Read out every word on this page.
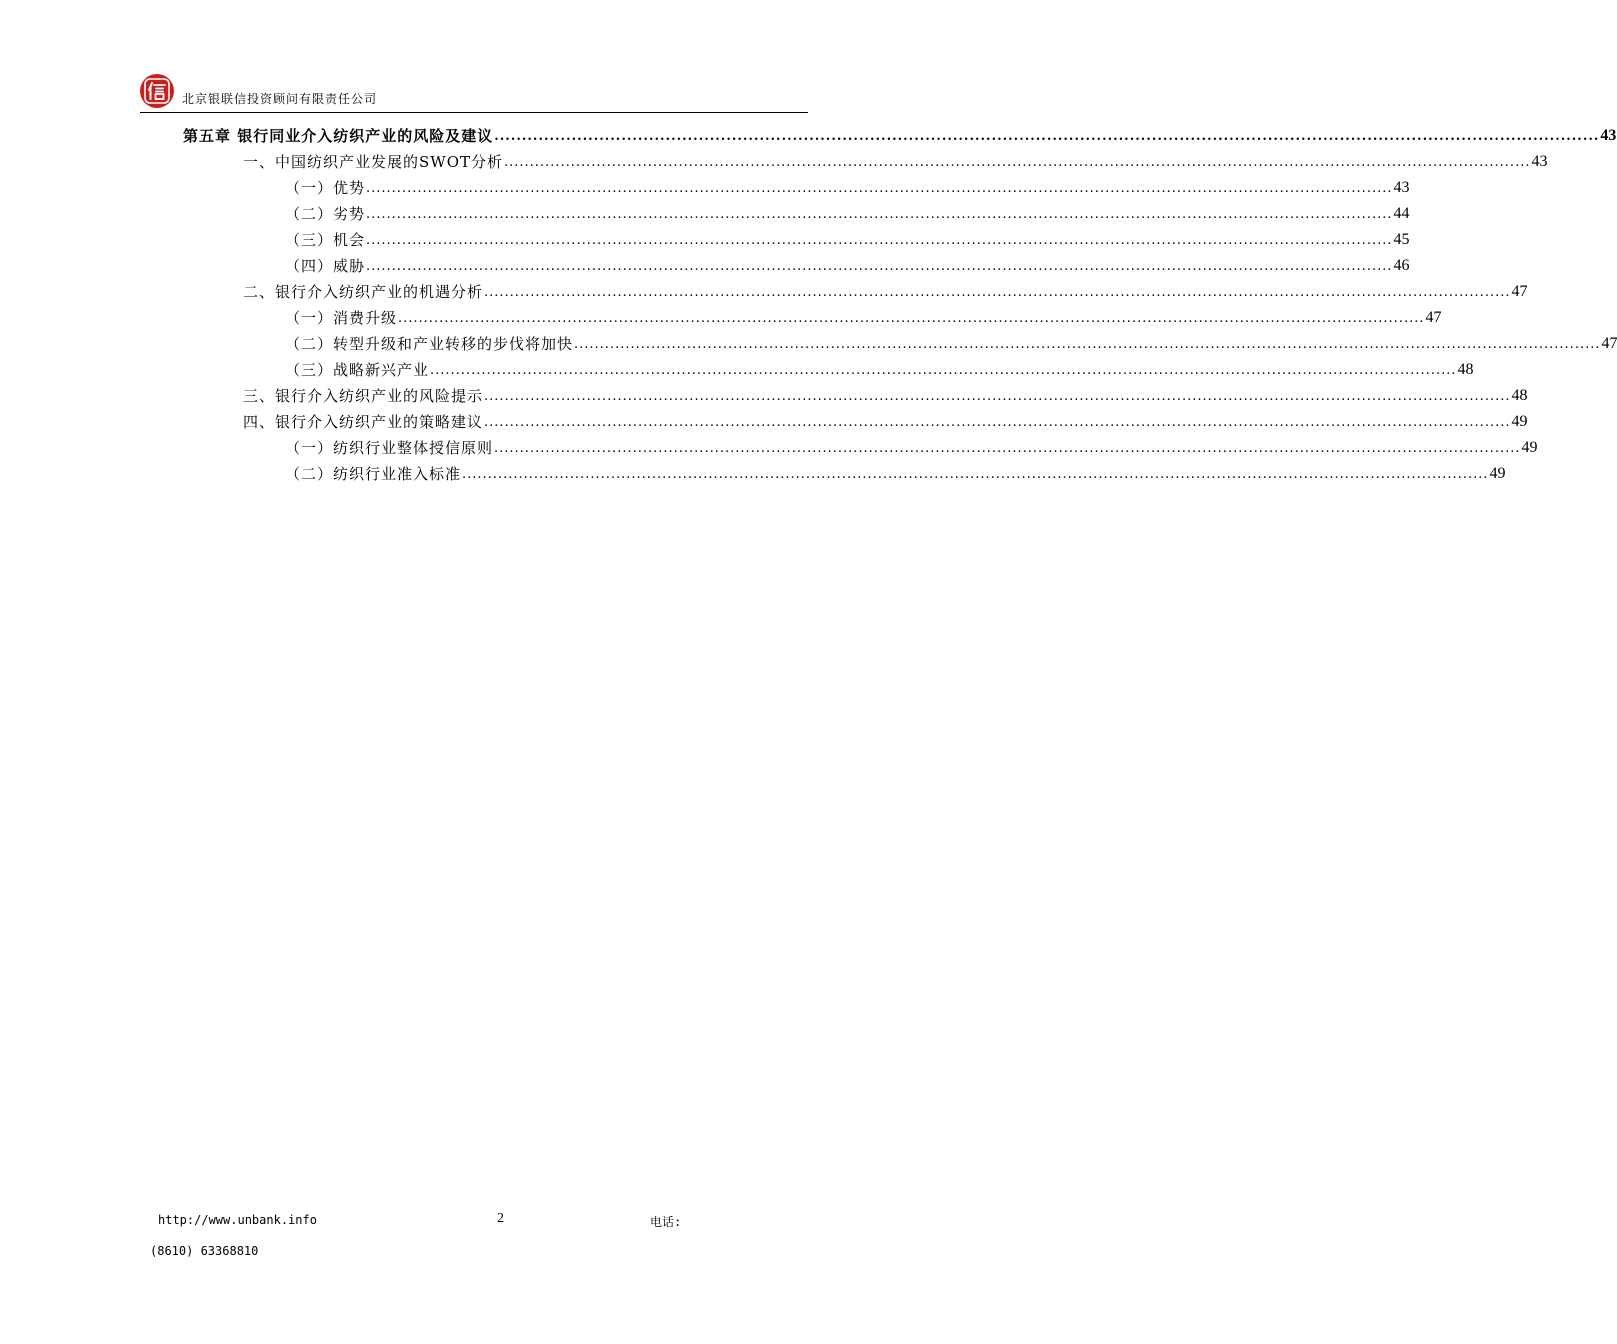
北京银联信投资顾问有限责任公司
第五章 银行同业介入纺织产业的风险及建议 ........................................................................................................................................................................................................ 43
一、中国纺织产业发展的SWOT分析 ........................................................................................................................................................................................................ 43
（一）优势 ........................................................................................................................................................................................................ 43
（二）劣势 ........................................................................................................................................................................................................ 44
（三）机会 ........................................................................................................................................................................................................ 45
（四）威胁 ........................................................................................................................................................................................................ 46
二、银行介入纺织产业的机遇分析 ........................................................................................................................................................................................................ 47
（一）消费升级 ........................................................................................................................................................................................................ 47
（二）转型升级和产业转移的步伐将加快 ........................................................................................................................................................................................................ 47
（三）战略新兴产业 ........................................................................................................................................................................................................ 48
三、银行介入纺织产业的风险提示 ........................................................................................................................................................................................................ 48
四、银行介入纺织产业的策略建议 ........................................................................................................................................................................................................ 49
（一）纺织行业整体授信原则 ........................................................................................................................................................................................................ 49
（二）纺织行业准入标准 ........................................................................................................................................................................................................ 49
http://www.unbank.info	2	电话:
(8610) 63368810
